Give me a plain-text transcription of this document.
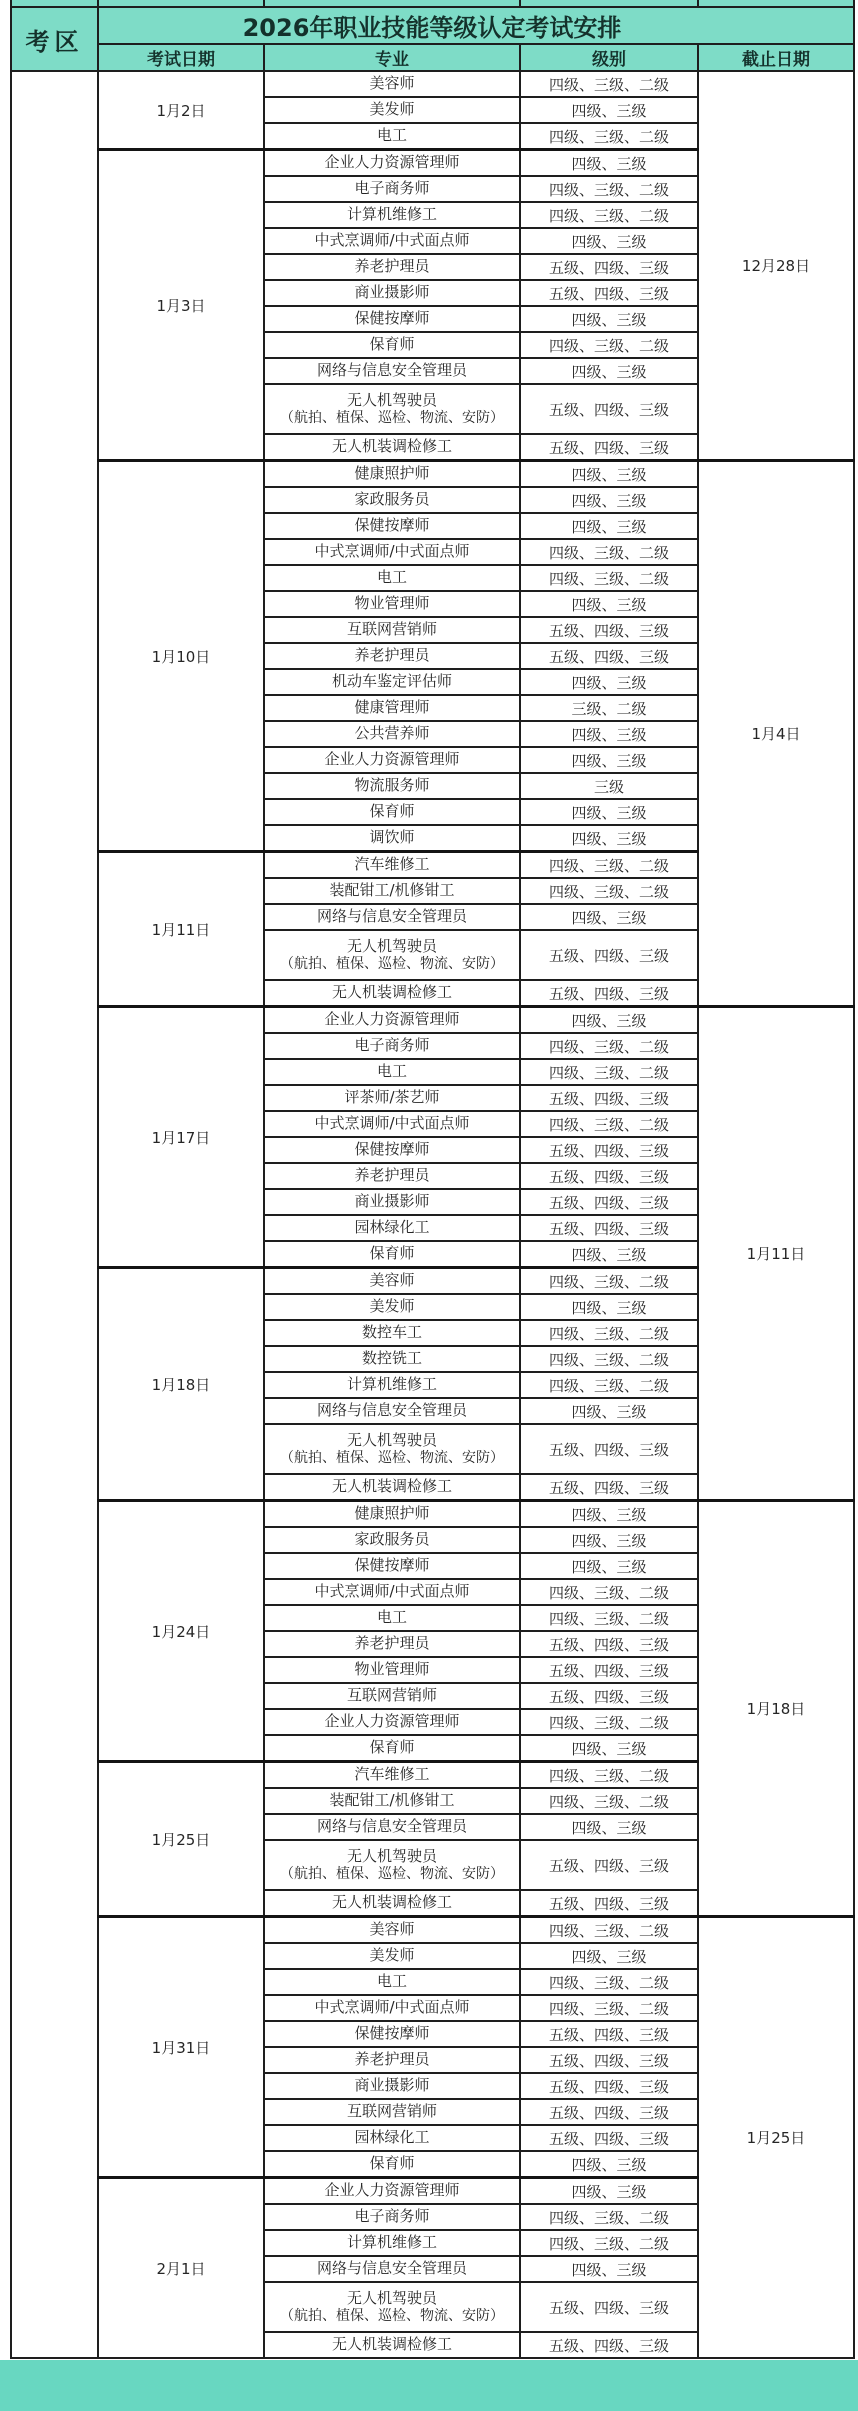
考区	2026年职业技能等级认定考试安排			
	考试日期	专业	级别	截止日期
	1月2日	美容师	四级、三级、二级	12月28日

		美发师	四级、三级	

		电工	四级、三级、二级	
	1月3日	企业人力资源管理师	四级、三级	

		电子商务师	四级、三级、二级	

		计算机维修工	四级、三级、二级	

		中式烹调师/中式面点师	四级、三级	

		养老护理员	五级、四级、三级	

		商业摄影师	五级、四级、三级	

		保健按摩师	四级、三级	

		保育师	四级、三级、二级	

		网络与信息安全管理员	四级、三级	

		无人机驾驶员
（航拍、植保、巡检、物流、安防）	五级、四级、三级	

		无人机装调检修工	五级、四级、三级	
	1月10日	健康照护师	四级、三级	1月4日

		家政服务员	四级、三级	

		保健按摩师	四级、三级	

		中式烹调师/中式面点师	四级、三级、二级	

		电工	四级、三级、二级	

		物业管理师	四级、三级	

		互联网营销师	五级、四级、三级	

		养老护理员	五级、四级、三级	

		机动车鉴定评估师	四级、三级	

		健康管理师	三级、二级	

		公共营养师	四级、三级	

		企业人力资源管理师	四级、三级	

		物流服务师	三级	

		保育师	四级、三级	

		调饮师	四级、三级	
	1月11日	汽车维修工	四级、三级、二级	

		装配钳工/机修钳工	四级、三级、二级	

		网络与信息安全管理员	四级、三级	

		无人机驾驶员
（航拍、植保、巡检、物流、安防）	五级、四级、三级	

		无人机装调检修工	五级、四级、三级	
	1月17日	企业人力资源管理师	四级、三级	1月11日

		电子商务师	四级、三级、二级	

		电工	四级、三级、二级	

		评茶师/茶艺师	五级、四级、三级	

		中式烹调师/中式面点师	四级、三级、二级	

		保健按摩师	五级、四级、三级	

		养老护理员	五级、四级、三级	

		商业摄影师	五级、四级、三级	

		园林绿化工	五级、四级、三级	

		保育师	四级、三级	
	1月18日	美容师	四级、三级、二级	

		美发师	四级、三级	

		数控车工	四级、三级、二级	

		数控铣工	四级、三级、二级	

		计算机维修工	四级、三级、二级	

		网络与信息安全管理员	四级、三级	

		无人机驾驶员
（航拍、植保、巡检、物流、安防）	五级、四级、三级	

		无人机装调检修工	五级、四级、三级	
	1月24日	健康照护师	四级、三级	1月18日

		家政服务员	四级、三级	

		保健按摩师	四级、三级	

		中式烹调师/中式面点师	四级、三级、二级	

		电工	四级、三级、二级	

		养老护理员	五级、四级、三级	

		物业管理师	五级、四级、三级	

		互联网营销师	五级、四级、三级	

		企业人力资源管理师	四级、三级、二级	

		保育师	四级、三级	
	1月25日	汽车维修工	四级、三级、二级	

		装配钳工/机修钳工	四级、三级、二级	

		网络与信息安全管理员	四级、三级	

		无人机驾驶员
（航拍、植保、巡检、物流、安防）	五级、四级、三级	

		无人机装调检修工	五级、四级、三级	
	1月31日	美容师	四级、三级、二级	1月25日

		美发师	四级、三级	

		电工	四级、三级、二级	

		中式烹调师/中式面点师	四级、三级、二级	

		保健按摩师	五级、四级、三级	

		养老护理员	五级、四级、三级	

		商业摄影师	五级、四级、三级	

		互联网营销师	五级、四级、三级	

		园林绿化工	五级、四级、三级	

		保育师	四级、三级	
	2月1日	企业人力资源管理师	四级、三级	

		电子商务师	四级、三级、二级	

		计算机维修工	四级、三级、二级	

		网络与信息安全管理员	四级、三级	

		无人机驾驶员
（航拍、植保、巡检、物流、安防）	五级、四级、三级	

		无人机装调检修工	五级、四级、三级	
